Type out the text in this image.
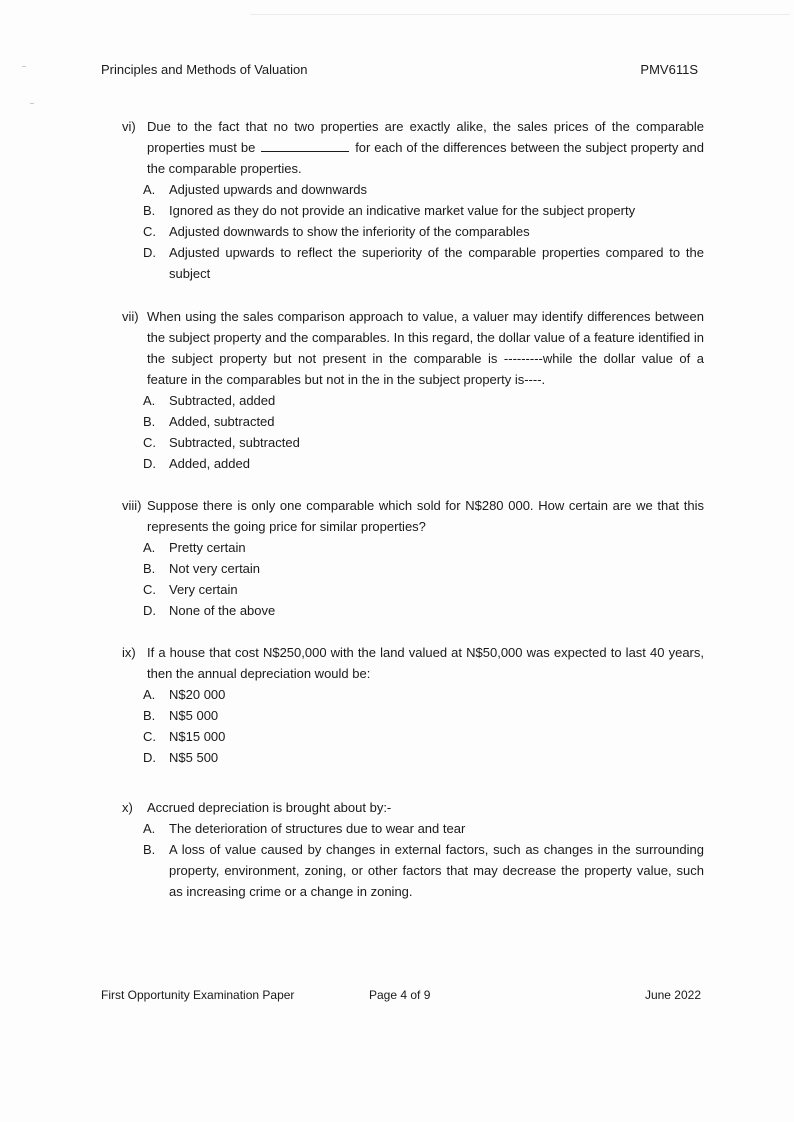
Principles and Methods of Valuation	PMV611S
vi) Due to the fact that no two properties are exactly alike, the sales prices of the comparable properties must be	for each of the differences between the subject property and the comparable properties.
A.	Adjusted upwards and downwards
B.	Ignored as they do not provide an indicative market value for the subject property
C.	Adjusted downwards to show the inferiority of the comparables
D.	Adjusted upwards to reflect the superiority of the comparable properties compared to the subject
vii) When using the sales comparison approach to value, a valuer may identify differences between the subject property and the comparables. In this regard, the dollar value of a feature identified in the subject property but not present in the comparable is ---------while the dollar value of a feature in the comparables but not in the in the subject property is----.
A.	Subtracted, added
B.	Added, subtracted
C.	Subtracted, subtracted
D.	Added, added
viii) Suppose there is only one comparable which sold for N$280 000. How certain are we that this represents the going price for similar properties?
A.	Pretty certain
B.	Not very certain
C.	Very certain
D.	None of the above
ix) If a house that cost N$250,000 with the land valued at N$50,000 was expected to last 40 years, then the annual depreciation would be:
A.	N$20 000
B.	N$5 000
C.	N$15 000
D.	N$5 500
x)	Accrued depreciation is brought about by:-
A.	The deterioration of structures due to wear and tear
B.	A loss of value caused by changes in external factors, such as changes in the surrounding property, environment, zoning, or other factors that may decrease the property value, such as increasing crime or a change in zoning.
First Opportunity Examination Paper	Page 4 of 9	June 2022
